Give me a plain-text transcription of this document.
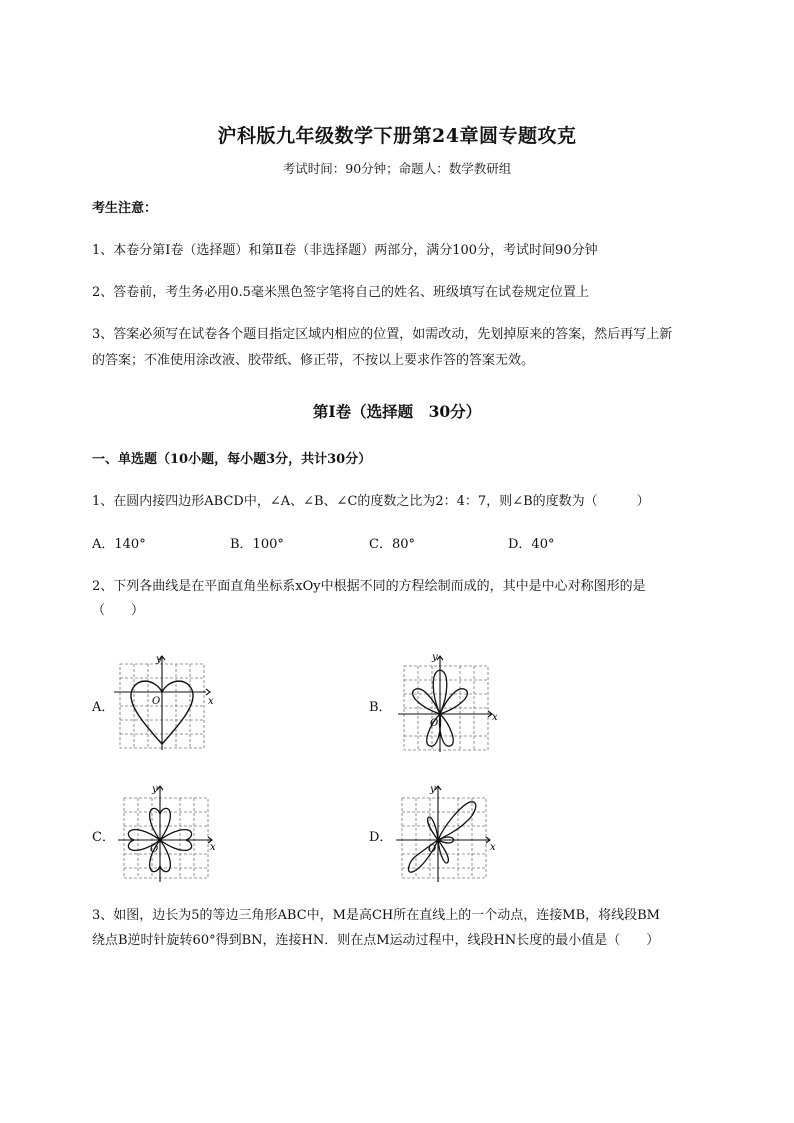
沪科版九年级数学下册第24章圆专题攻克
考试时间：90分钟；命题人：数学教研组
考生注意：
1、本卷分第I卷（选择题）和第Ⅱ卷（非选择题）两部分，满分100分，考试时间90分钟
2、答卷前，考生务必用0.5毫米黑色签字笔将自己的姓名、班级填写在试卷规定位置上
3、答案必须写在试卷各个题目指定区域内相应的位置，如需改动，先划掉原来的答案，然后再写上新
的答案；不准使用涂改液、胶带纸、修正带，不按以上要求作答的答案无效。
第I卷（选择题　30分）
一、单选题（10小题，每小题3分，共计30分）
1、在圆内接四边形ABCD中，∠A、∠B、∠C的度数之比为2：4：7，则∠B的度数为（　　　）
A．140°	B．100°	C．80°	D．40°
2、下列各曲线是在平面直角坐标系xOy中根据不同的方程绘制而成的，其中是中心对称图形的是
（　　）
A．	B．
C．	D．
y
x
O
y
x
O
y
x
O
y
x
O
3、如图，边长为5的等边三角形ABC中，M是高CH所在直线上的一个动点，连接MB，将线段BM
绕点B逆时针旋转60°得到BN，连接HN．则在点M运动过程中，线段HN长度的最小值是（　　）
